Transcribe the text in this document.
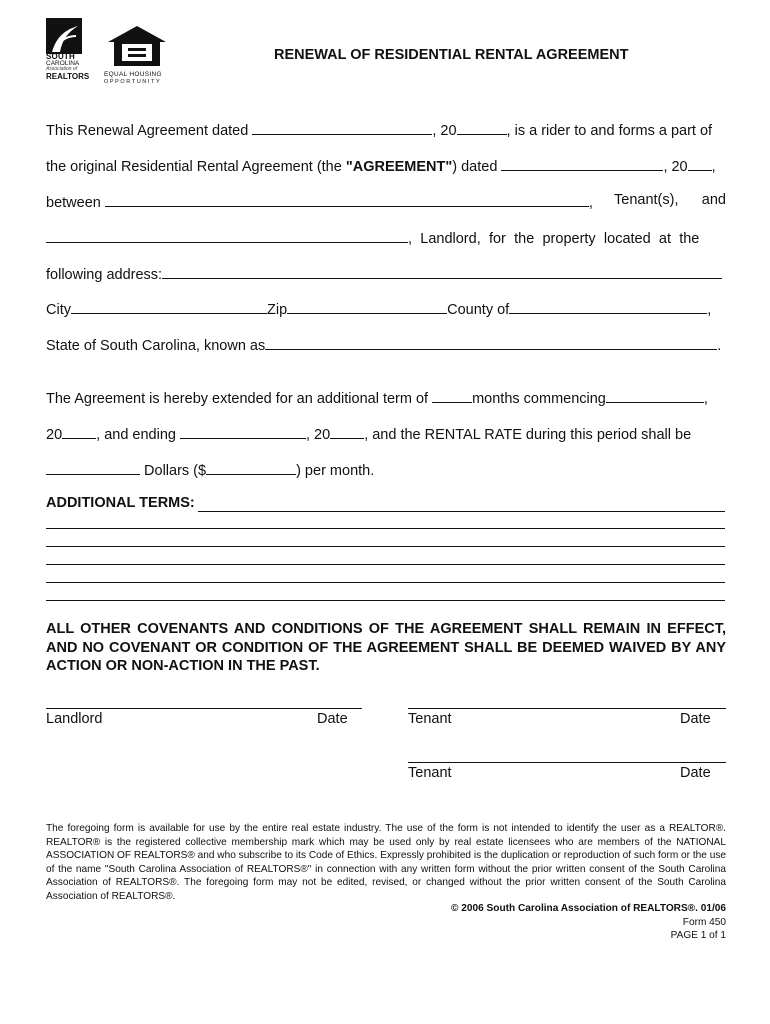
SOUTH
CAROLINA
Association of
REALTORS EQUAL HOUSING
OPPORTUNITY
RENEWAL OF RESIDENTIAL RENTAL AGREEMENT
This Renewal Agreement dated	, 20	, is a rider to and forms a part of
the original Residential Rental Agreement (the "AGREEMENT") dated	, 20 ,
between	, Tenant(s), and
, Landlord, for the property located at the
following address:
City	Zip	County of	,
State of South Carolina, known as	.
The Agreement is hereby extended for an additional term of	months commencing	,
20 , and ending	, 20 , and the RENTAL RATE during this period shall be
Dollars ($	) per month.
ADDITIONAL TERMS:
ALL OTHER COVENANTS AND CONDITIONS OF THE AGREEMENT SHALL REMAIN IN EFFECT, AND NO COVENANT OR CONDITION OF THE AGREEMENT SHALL BE DEEMED WAIVED BY ANY ACTION OR NON-ACTION IN THE PAST.
Landlord	Date	Tenant	Date
Tenant	Date
The foregoing form is available for use by the entire real estate industry. The use of the form is not intended to identify the user as a REALTOR®. REALTOR® is the registered collective membership mark which may be used only by real estate licensees who are members of the NATIONAL ASSOCIATION OF REALTORS® and who subscribe to its Code of Ethics. Expressly prohibited is the duplication or reproduction of such form or the use of the name "South Carolina Association of REALTORS®" in connection with any written form without the prior written consent of the South Carolina Association of REALTORS®. The foregoing form may not be edited, revised, or changed without the prior written consent of the South Carolina Association of REALTORS®.
© 2006 South Carolina Association of REALTORS®. 01/06
Form 450
PAGE 1 of 1
